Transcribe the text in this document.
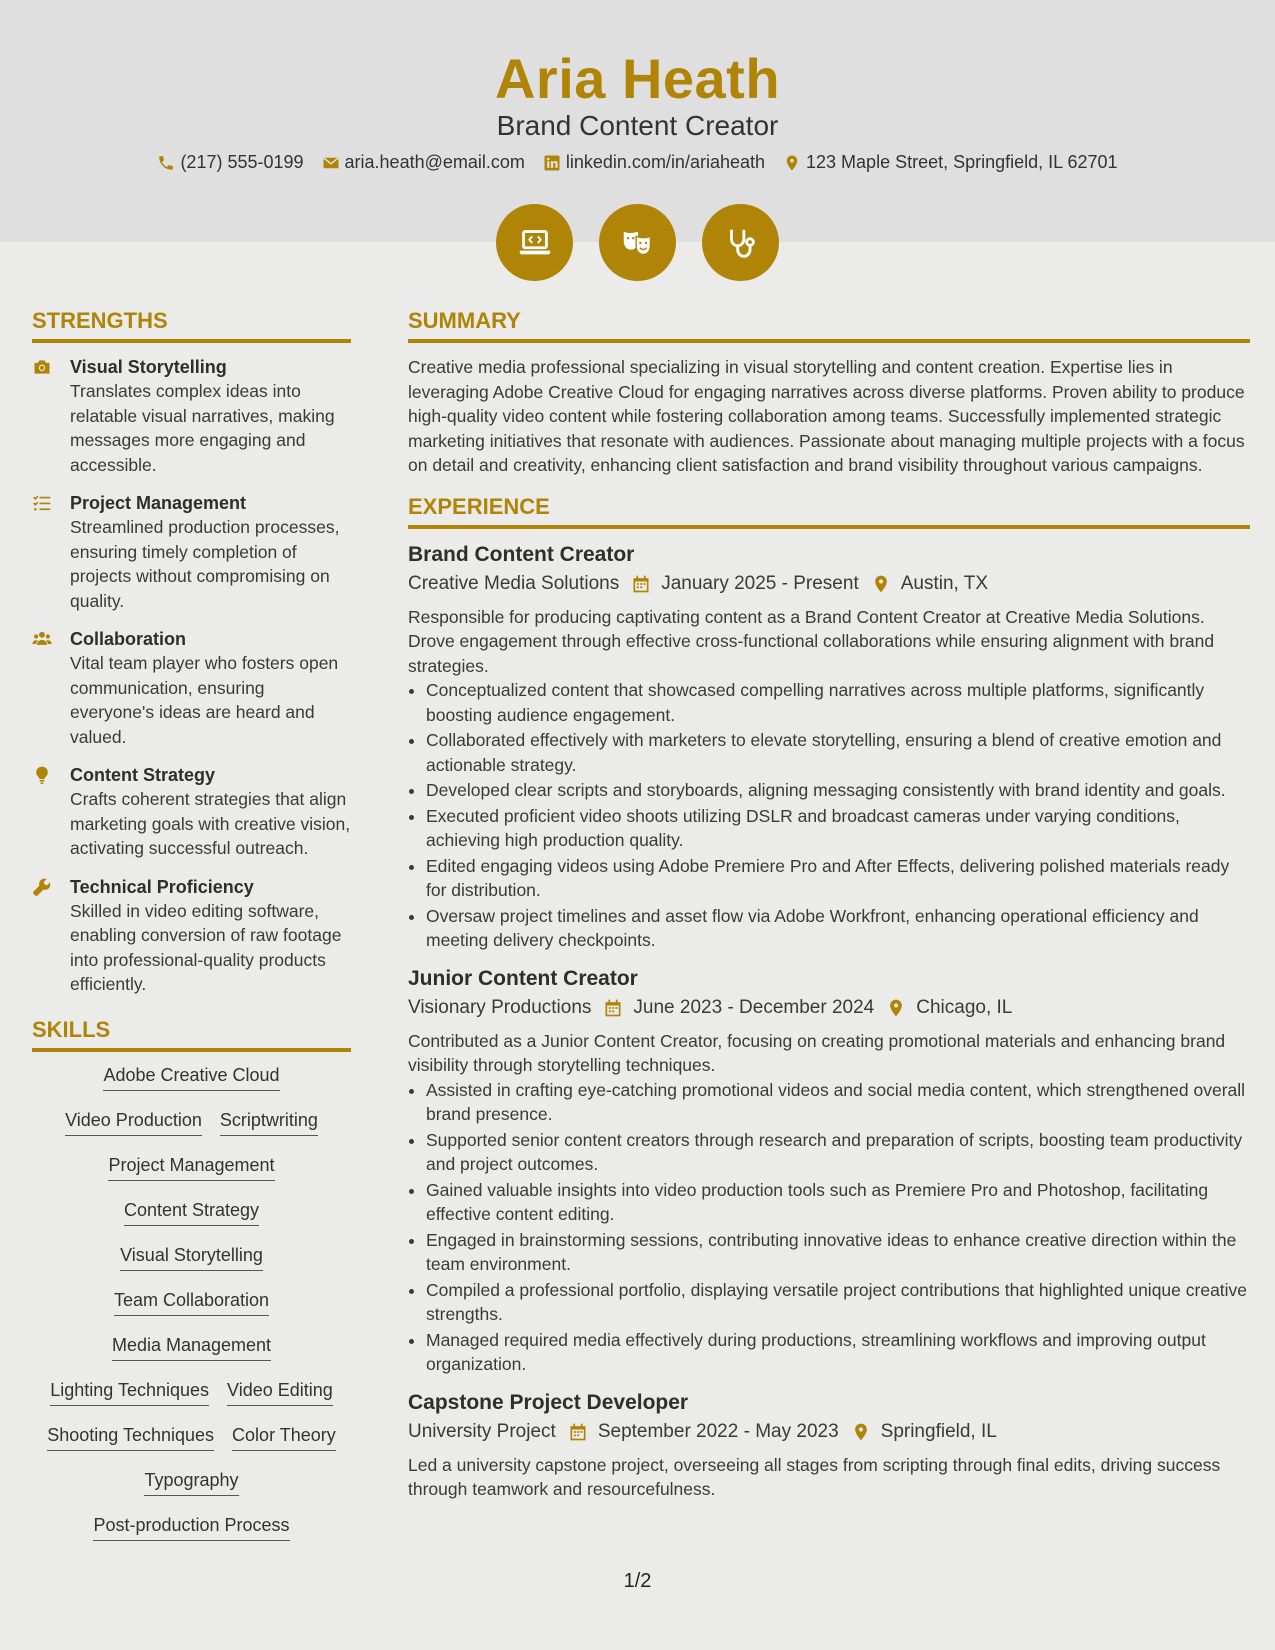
Aria Heath
Brand Content Creator
(217) 555-0199 aria.heath@email.com linkedin.com/in/ariaheath 123 Maple Street, Springfield, IL 62701
STRENGTHS
Visual Storytelling
Translates complex ideas into relatable visual narratives, making messages more engaging and accessible.
Project Management
Streamlined production processes, ensuring timely completion of projects without compromising on quality.
Collaboration
Vital team player who fosters open communication, ensuring everyone's ideas are heard and valued.
Content Strategy
Crafts coherent strategies that align marketing goals with creative vision, activating successful outreach.
Technical Proficiency
Skilled in video editing software, enabling conversion of raw footage into professional-quality products efficiently.
SKILLS
Adobe Creative Cloud
Video Production Scriptwriting
Project Management
Content Strategy
Visual Storytelling
Team Collaboration
Media Management
Lighting Techniques Video Editing
Shooting Techniques Color Theory
Typography
Post-production Process
SUMMARY
Creative media professional specializing in visual storytelling and content creation. Expertise lies in leveraging Adobe Creative Cloud for engaging narratives across diverse platforms. Proven ability to produce high-quality video content while fostering collaboration among teams. Successfully implemented strategic marketing initiatives that resonate with audiences. Passionate about managing multiple projects with a focus on detail and creativity, enhancing client satisfaction and brand visibility throughout various campaigns.
EXPERIENCE
Brand Content Creator
Creative Media Solutions January 2025 - Present Austin, TX
Responsible for producing captivating content as a Brand Content Creator at Creative Media Solutions. Drove engagement through effective cross-functional collaborations while ensuring alignment with brand strategies.
• Conceptualized content that showcased compelling narratives across multiple platforms, significantly boosting audience engagement.
• Collaborated effectively with marketers to elevate storytelling, ensuring a blend of creative emotion and actionable strategy.
• Developed clear scripts and storyboards, aligning messaging consistently with brand identity and goals.
• Executed proficient video shoots utilizing DSLR and broadcast cameras under varying conditions, achieving high production quality.
• Edited engaging videos using Adobe Premiere Pro and After Effects, delivering polished materials ready for distribution.
• Oversaw project timelines and asset flow via Adobe Workfront, enhancing operational efficiency and meeting delivery checkpoints.
Junior Content Creator
Visionary Productions June 2023 - December 2024 Chicago, IL
Contributed as a Junior Content Creator, focusing on creating promotional materials and enhancing brand visibility through storytelling techniques.
• Assisted in crafting eye-catching promotional videos and social media content, which strengthened overall brand presence.
• Supported senior content creators through research and preparation of scripts, boosting team productivity and project outcomes.
• Gained valuable insights into video production tools such as Premiere Pro and Photoshop, facilitating effective content editing.
• Engaged in brainstorming sessions, contributing innovative ideas to enhance creative direction within the team environment.
• Compiled a professional portfolio, displaying versatile project contributions that highlighted unique creative strengths.
• Managed required media effectively during productions, streamlining workflows and improving output organization.
Capstone Project Developer
University Project September 2022 - May 2023 Springfield, IL
Led a university capstone project, overseeing all stages from scripting through final edits, driving success through teamwork and resourcefulness.
1/2
